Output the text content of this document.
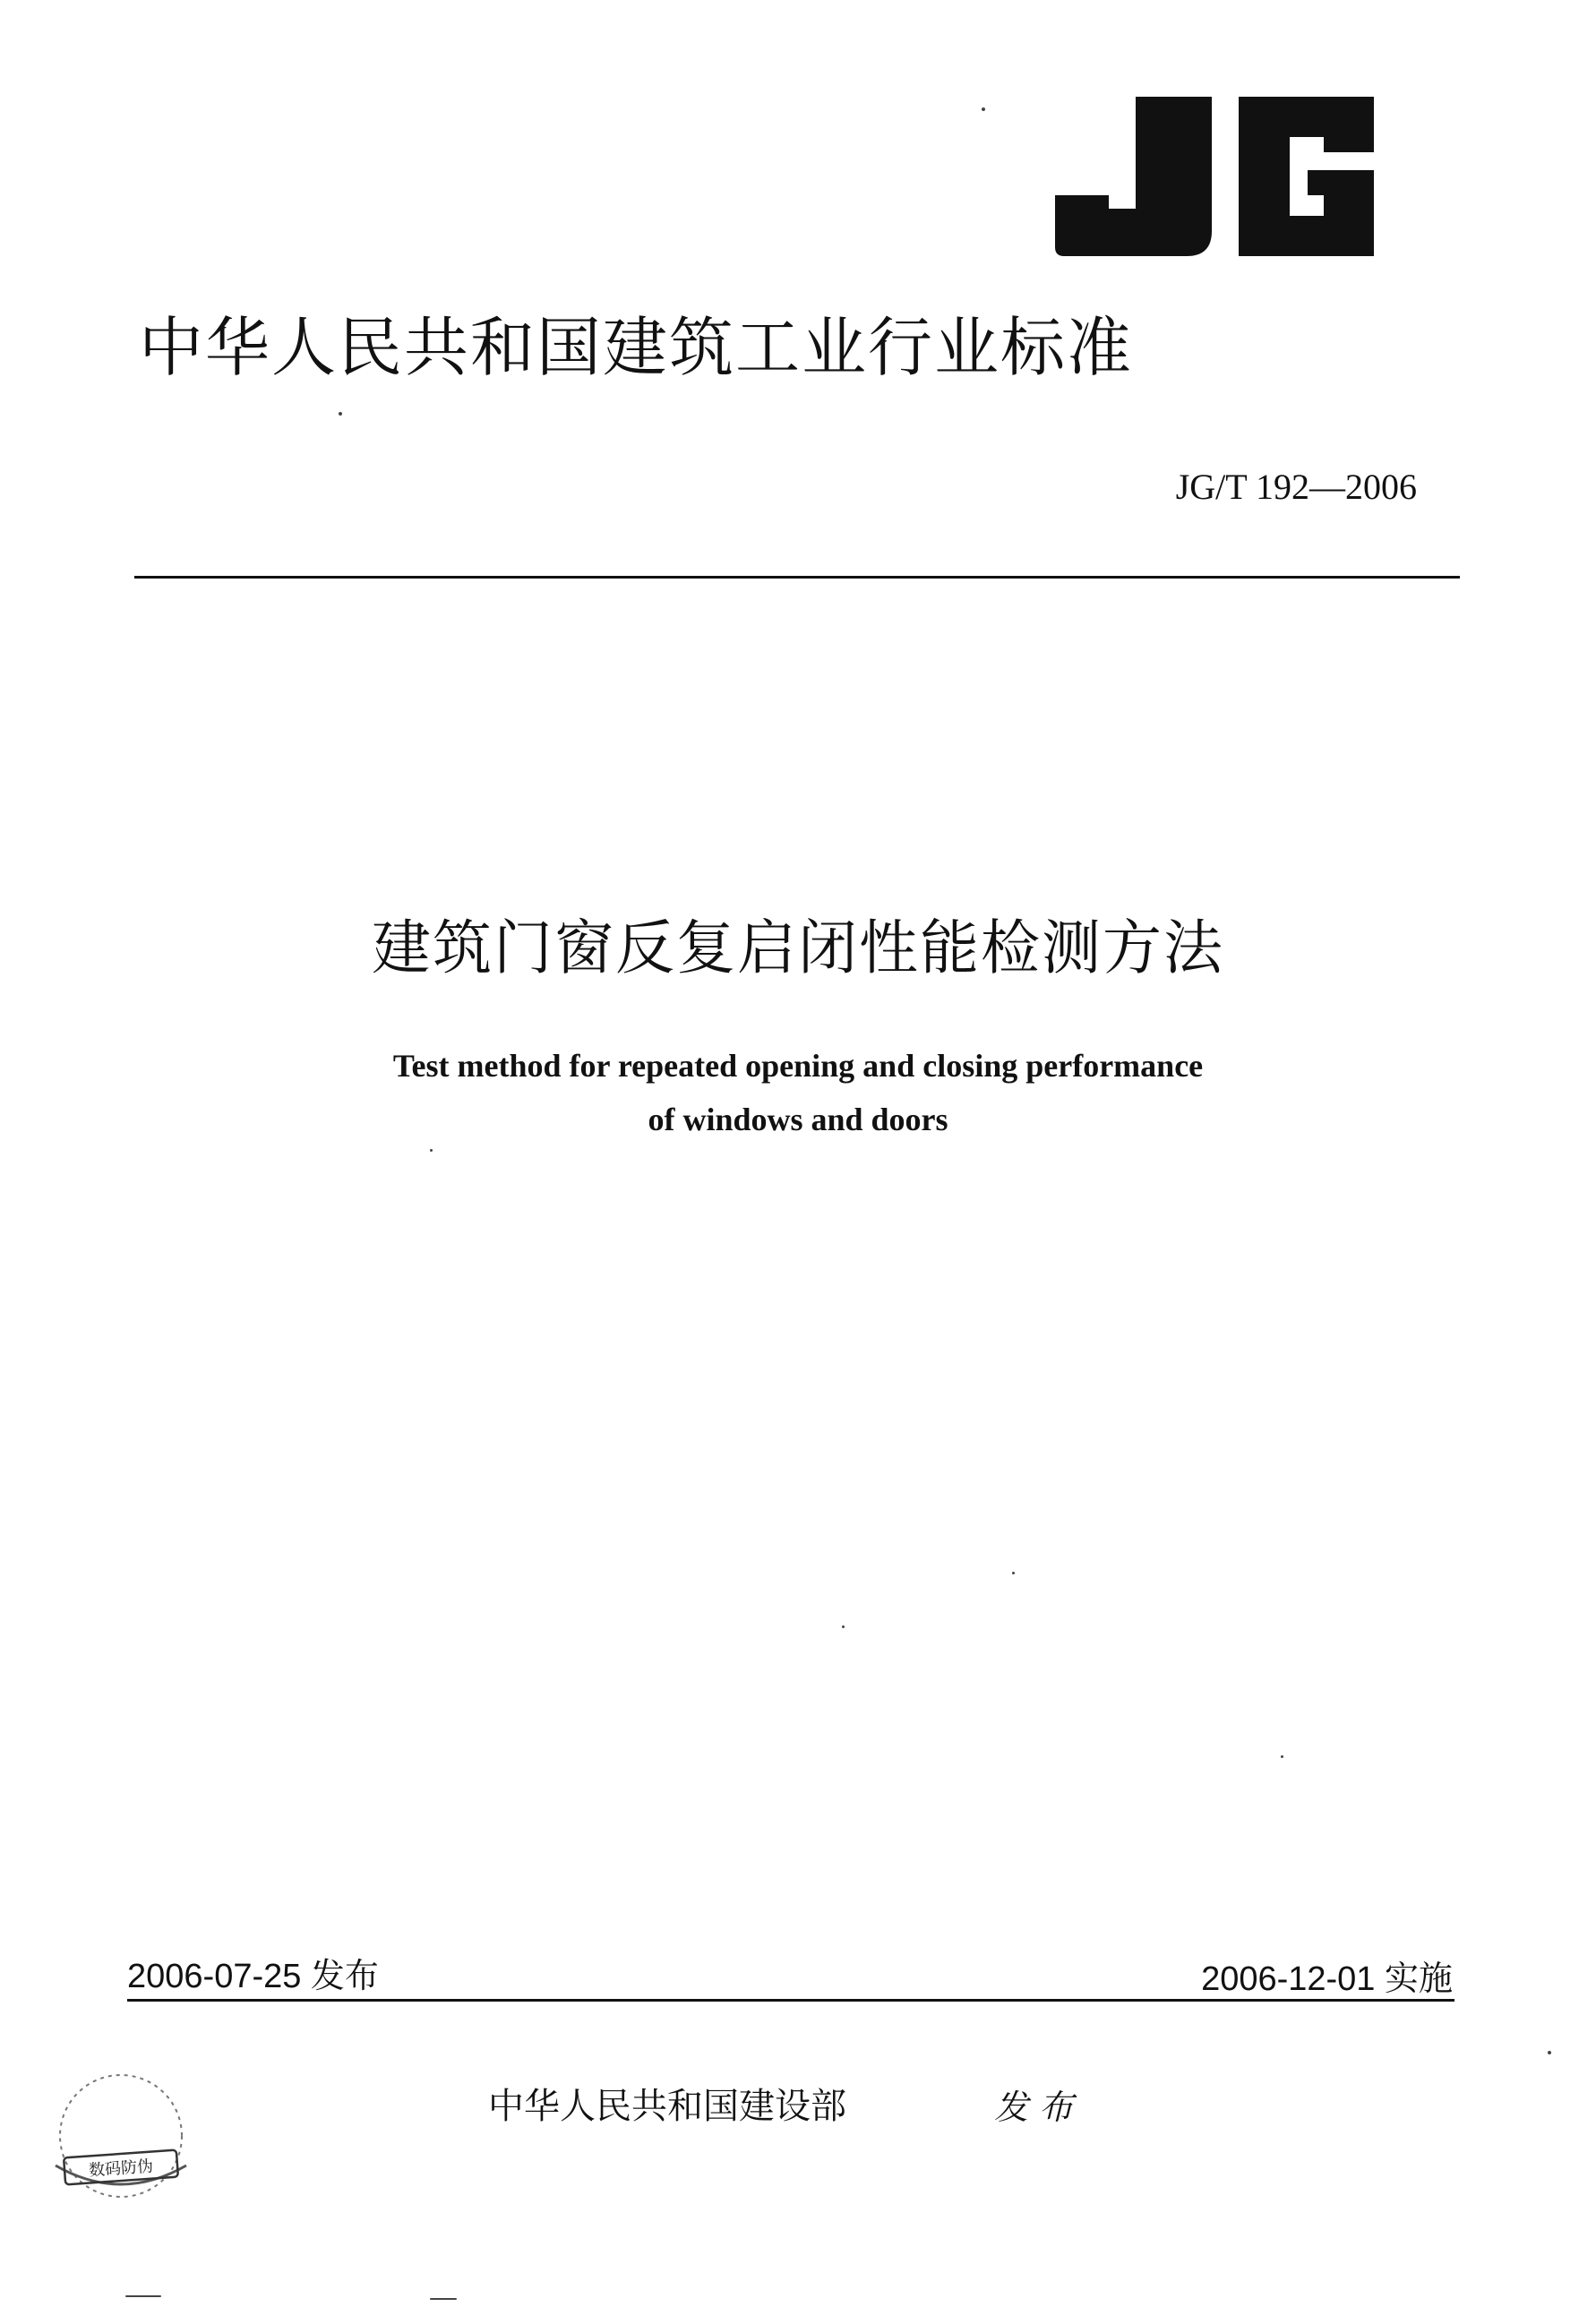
中华人民共和国建筑工业行业标准
JG/T 192—2006
建筑门窗反复启闭性能检测方法
Test method for repeated opening and closing performance
of windows and doors
2006-07-25 发布	2006-12-01 实施
中华人民共和国建设部	发布
数码防伪
